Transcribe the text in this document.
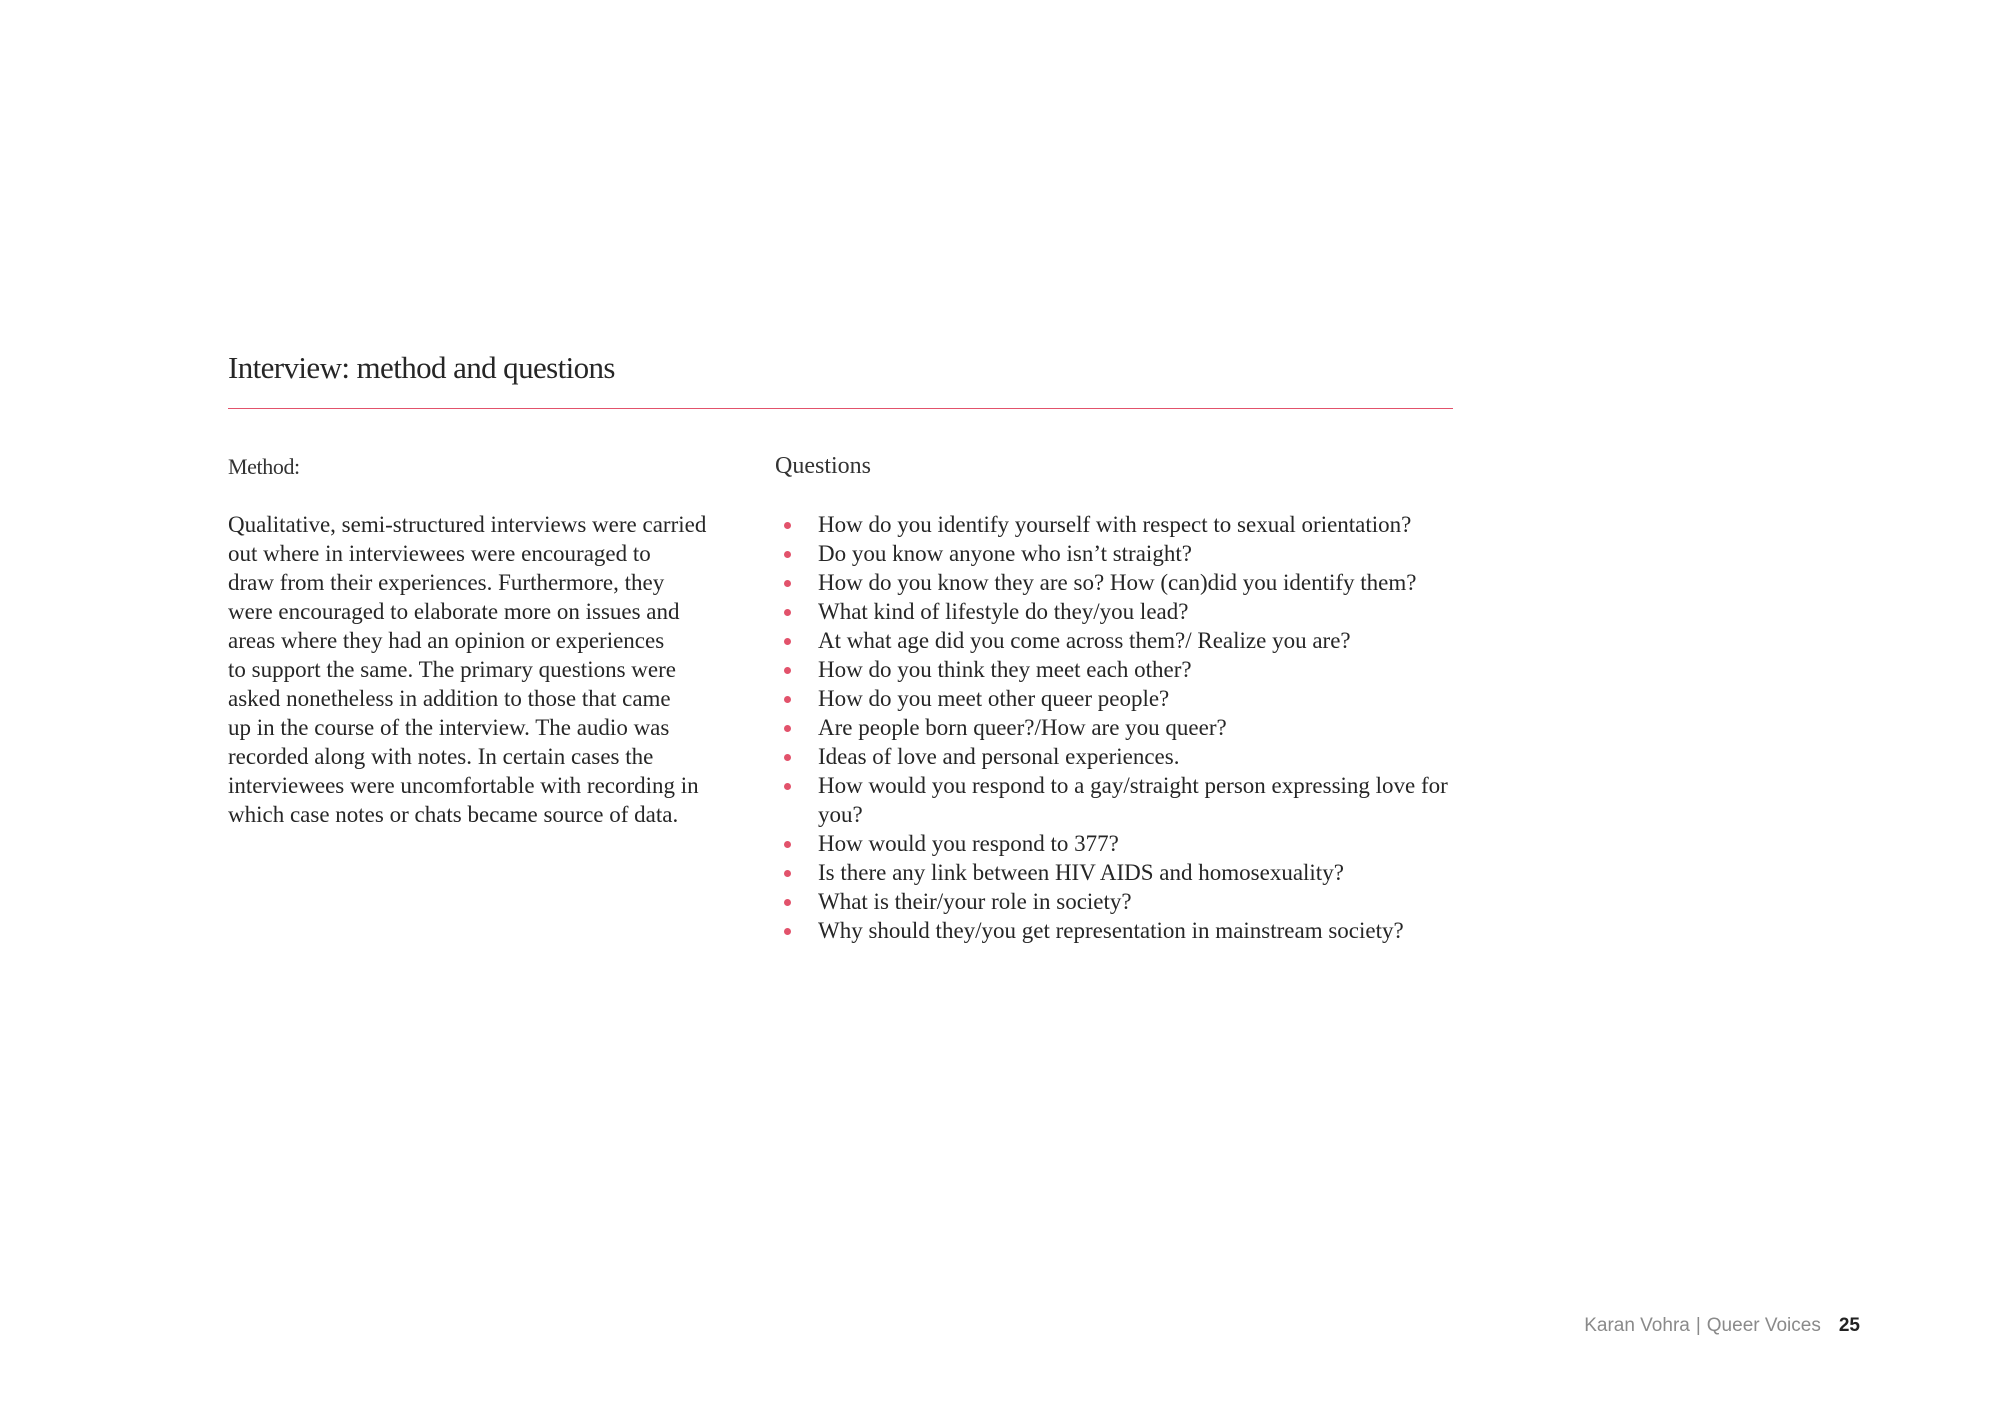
Interview: method and questions
Method:

Qualitative, semi-structured interviews were carried
out where in interviewees were encouraged to
draw from their experiences. Furthermore, they
were encouraged to elaborate more on issues and
areas where they had an opinion or experiences
to support the same. The primary questions were
asked nonetheless in addition to those that came
up in the course of the interview. The audio was
recorded along with notes. In certain cases the
interviewees were uncomfortable with recording in
which case notes or chats became source of data.

Questions
How do you identify yourself with respect to sexual orientation?
Do you know anyone who isn’t straight?
How do you know they are so? How (can)did you identify them?
What kind of lifestyle do they/you lead?
At what age did you come across them?/ Realize you are?
How do you think they meet each other?
How do you meet other queer people?
Are people born queer?/How are you queer?
Ideas of love and personal experiences.
How would you respond to a gay/straight person expressing love for you?
How would you respond to 377?
Is there any link between HIV AIDS and homosexuality?
What is their/your role in society?
Why should they/you get representation in mainstream society?
Karan Vohra | Queer Voices 25
